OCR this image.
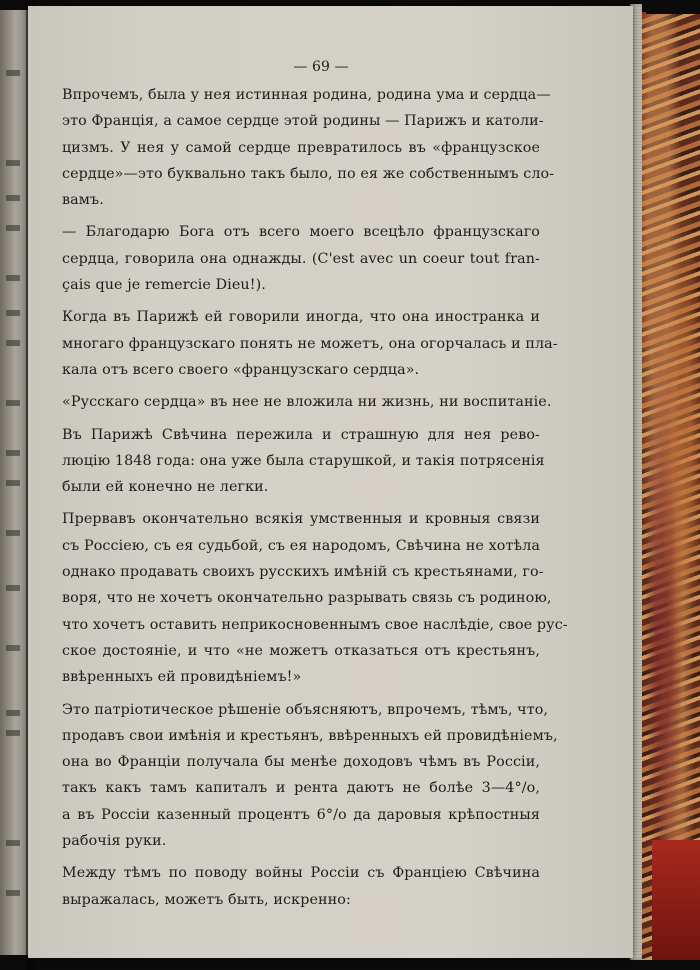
— 69 —
Впрочемъ, была у нея истинная родина, родина ума и сердца—
это Франція, а самое сердце этой родины — Парижъ и католи-
цизмъ. У нея у самой сердце превратилось въ «французское
сердце»—это буквально такъ было, по ея же собственнымъ сло-
вамъ.
— Благодарю Бога отъ всего моего всецѣло французскаго
сердца, говорила она однажды. (C'est avec un coeur tout fran-
çais que je remercie Dieu!).
Когда въ Парижѣ ей говорили иногда, что она иностранка и
многаго французскаго понять не можетъ, она огорчалась и пла-
кала отъ всего своего «французскаго сердца».
«Русскаго сердца» въ нее не вложила ни жизнь, ни воспитаніе.
Въ Парижѣ Свѣчина пережила и страшную для нея рево-
люцію 1848 года: она уже была старушкой, и такія потрясенія
были ей конечно не легки.
Прервавъ окончательно всякія умственныя и кровныя связи
съ Россіею, съ ея судьбой, съ ея народомъ, Свѣчина не хотѣла
однако продавать своихъ русскихъ имѣній съ крестьянами, го-
воря, что не хочетъ окончательно разрывать связь съ родиною,
что хочетъ оставить неприкосновеннымъ свое наслѣдіе, свое рус-
ское достояніе, и что «не можетъ отказаться отъ крестьянъ,
ввѣренныхъ ей провидѣніемъ!»
Это патріотическое рѣшеніе объясняютъ, впрочемъ, тѣмъ, что,
продавъ свои имѣнія и крестьянъ, ввѣренныхъ ей провидѣніемъ,
она во Франціи получала бы менѣе доходовъ чѣмъ въ Россіи,
такъ какъ тамъ капиталъ и рента даютъ не болѣе 3—4°/о,
а въ Россіи казенный процентъ 6°/о да даровыя крѣпостныя
рабочія руки.
Между тѣмъ по поводу войны Россіи съ Франціею Свѣчина
выражалась, можетъ быть, искренно:
